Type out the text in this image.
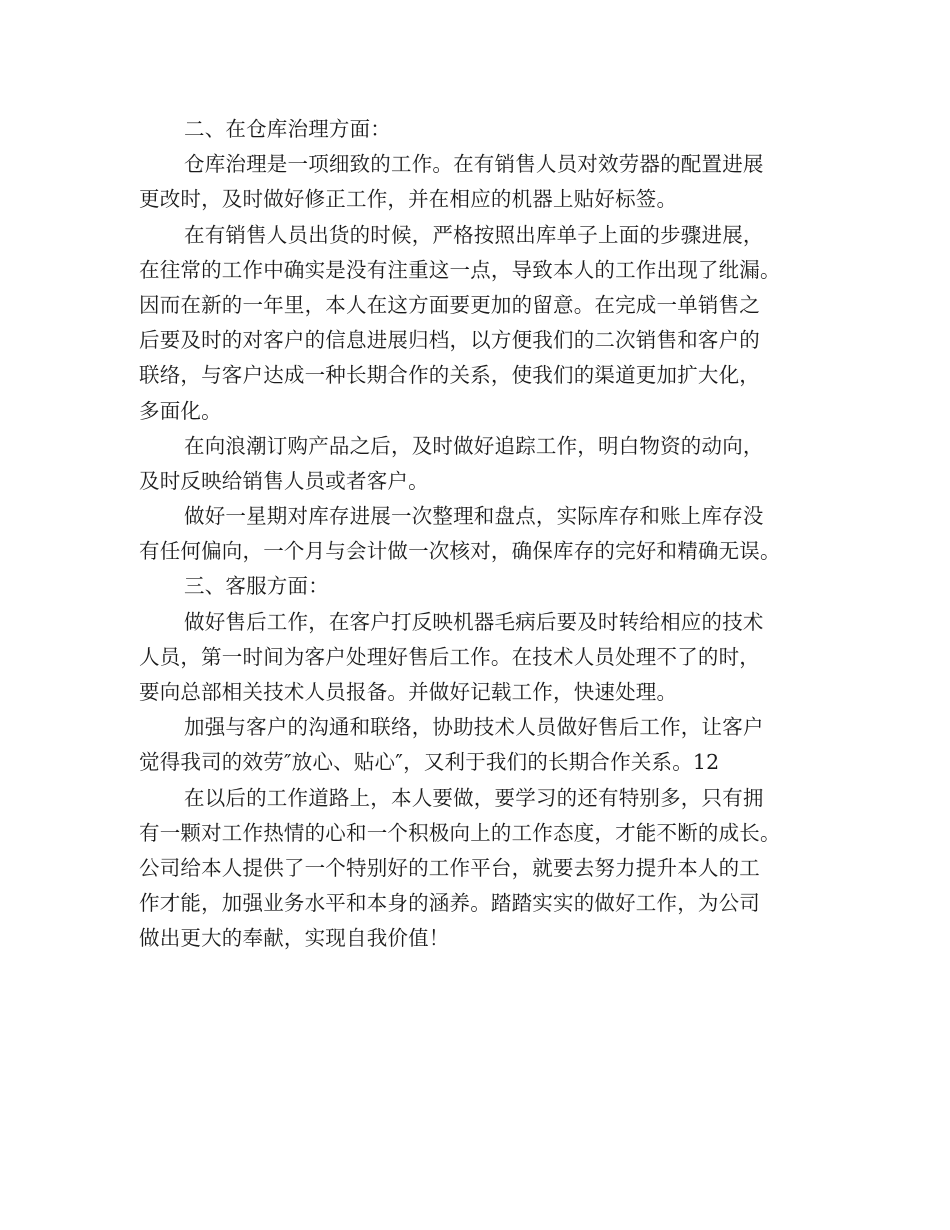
二、在仓库治理方面：
仓库治理是一项细致的工作。在有销售人员对效劳器的配置进展
更改时，及时做好修正工作，并在相应的机器上贴好标签。
在有销售人员出货的时候，严格按照出库单子上面的步骤进展，
在往常的工作中确实是没有注重这一点，导致本人的工作出现了纰漏。
因而在新的一年里，本人在这方面要更加的留意。在完成一单销售之
后要及时的对客户的信息进展归档，以方便我们的二次销售和客户的
联络，与客户达成一种长期合作的关系，使我们的渠道更加扩大化，
多面化。
在向浪潮订购产品之后，及时做好追踪工作，明白物资的动向，
及时反映给销售人员或者客户。
做好一星期对库存进展一次整理和盘点，实际库存和账上库存没
有任何偏向，一个月与会计做一次核对，确保库存的完好和精确无误。
三、客服方面：
做好售后工作，在客户打反映机器毛病后要及时转给相应的技术
人员，第一时间为客户处理好售后工作。在技术人员处理不了的时，
要向总部相关技术人员报备。并做好记载工作，快速处理。
加强与客户的沟通和联络，协助技术人员做好售后工作，让客户
觉得我司的效劳″放心、贴心″，又利于我们的长期合作关系。12
在以后的工作道路上，本人要做，要学习的还有特别多，只有拥
有一颗对工作热情的心和一个积极向上的工作态度，才能不断的成长。
公司给本人提供了一个特别好的工作平台，就要去努力提升本人的工
作才能，加强业务水平和本身的涵养。踏踏实实的做好工作，为公司
做出更大的奉献，实现自我价值！
